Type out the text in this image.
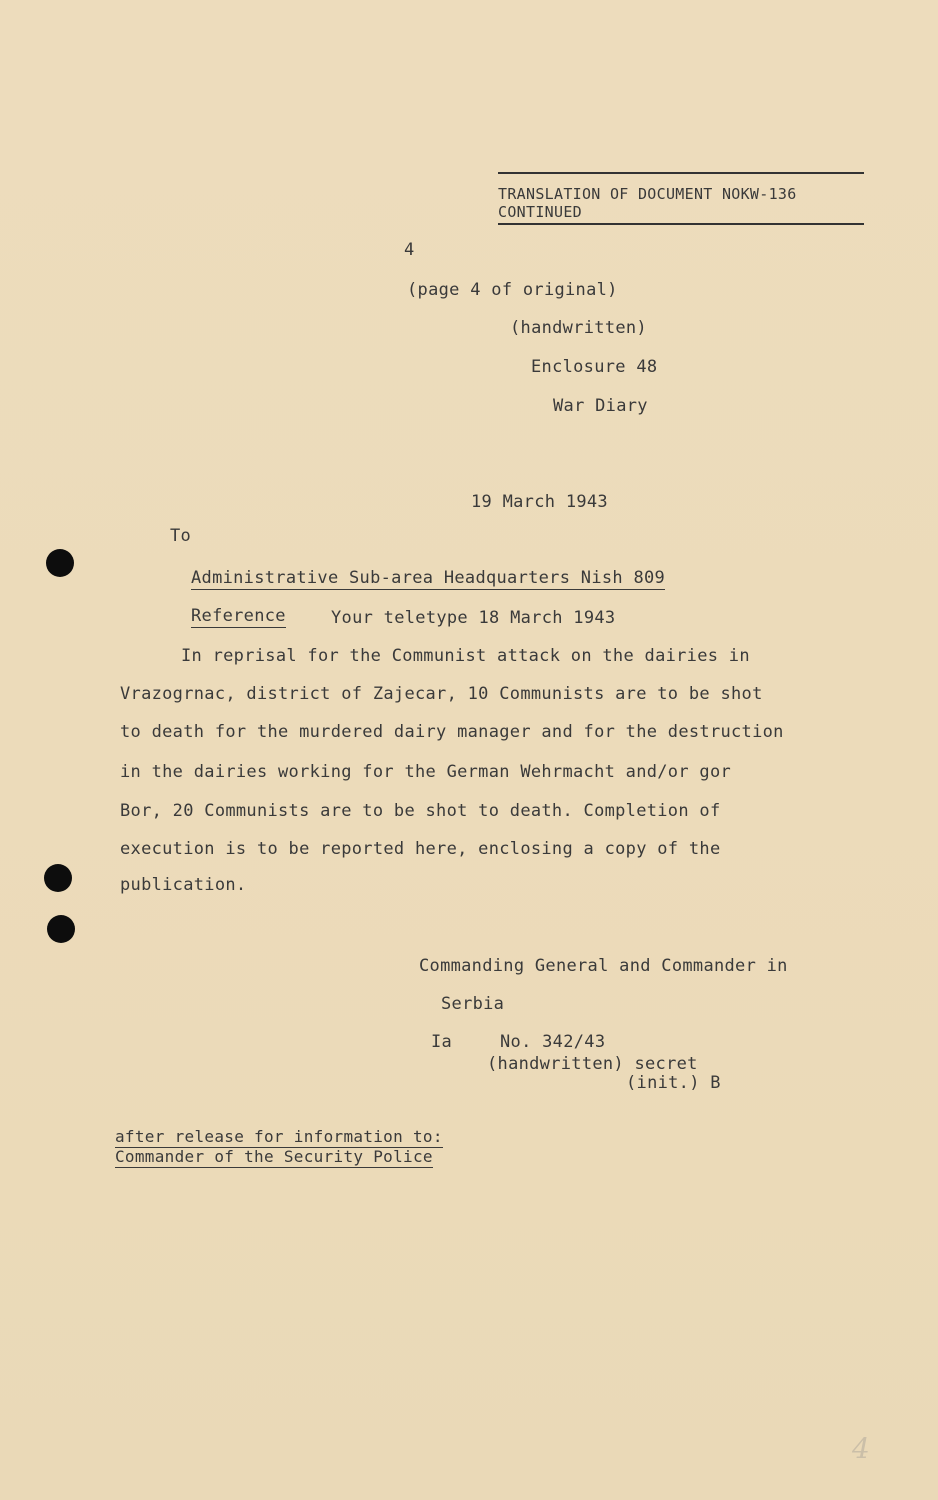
TRANSLATION OF DOCUMENT NOKW-136
CONTINUED
4
(page 4 of original)
(handwritten)
Enclosure 48
War Diary
19 March 1943
To
Administrative Sub-area Headquarters Nish 809
Reference	Your teletype 18 March 1943
In reprisal for the Communist attack on the dairies in
Vrazogrnac, district of Zajecar, 10 Communists are to be shot
to death for the murdered dairy manager and for the destruction
in the dairies working for the German Wehrmacht and/or gor
Bor, 20 Communists are to be shot to death. Completion of
execution is to be reported here, enclosing a copy of the
publication.
Commanding General and Commander in
Serbia
Ia	No. 342/43
(handwritten) secret
(init.) B
after release for information to:
Commander of the Security Police
4
